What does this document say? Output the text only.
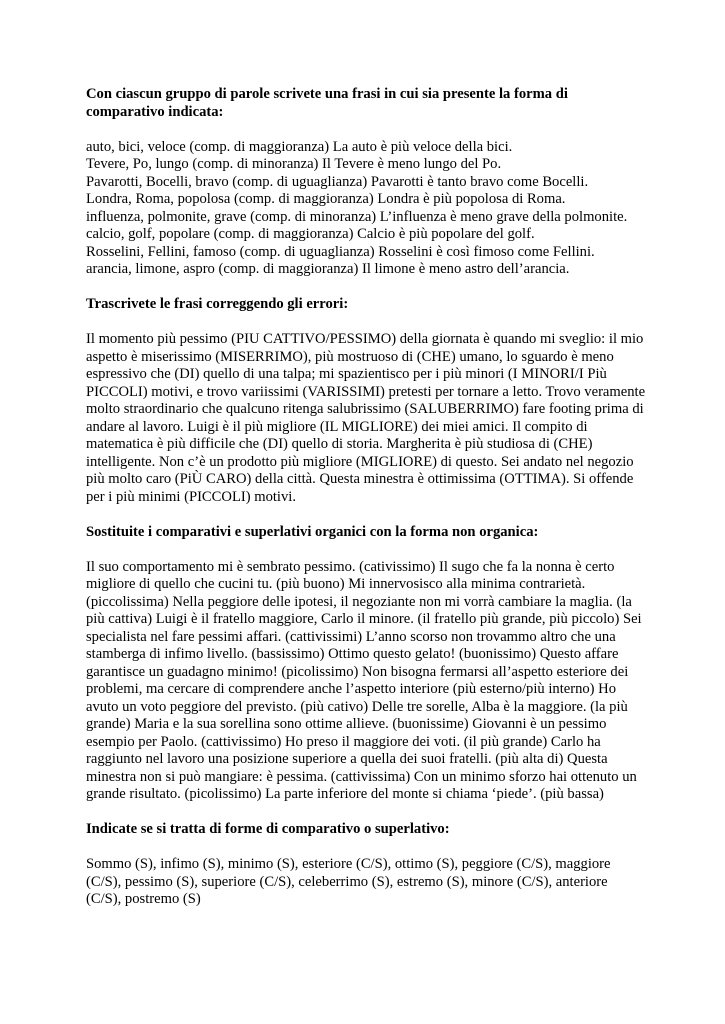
Con ciascun gruppo di parole scrivete una frasi in cui sia presente la forma di comparativo indicata:

auto, bici, veloce (comp. di maggioranza) La auto è più veloce della bici.
Tevere, Po, lungo (comp. di minoranza) Il Tevere è meno lungo del Po.
Pavarotti, Bocelli, bravo (comp. di uguaglianza) Pavarotti è tanto bravo come Bocelli.
Londra, Roma, popolosa (comp. di maggioranza) Londra è più popolosa di Roma.
influenza, polmonite, grave (comp. di minoranza) L’influenza è meno grave della polmonite.
calcio, golf, popolare (comp. di maggioranza) Calcio è più popolare del golf.
Rosselini, Fellini, famoso (comp. di uguaglianza) Rosselini è così fimoso come Fellini.
arancia, limone, aspro (comp. di maggioranza) Il limone è meno astro dell’arancia.

Trascrivete le frasi correggendo gli errori:

Il momento più pessimo (PIU CATTIVO/PESSIMO) della giornata è quando mi sveglio: il mio aspetto è miserissimo (MISERRIMO), più mostruoso di (CHE) umano, lo sguardo è meno espressivo che (DI) quello di una talpa; mi spazientisco per i più minori (I MINORI/I Più PICCOLI) motivi, e trovo variissimi (VARISSIMI) pretesti per tornare a letto. Trovo veramente molto straordinario che qualcuno ritenga salubrissimo (SALUBERRIMO) fare footing prima di andare al lavoro. Luigi è il più migliore (IL MIGLIORE) dei miei amici. Il compito di matematica è più difficile che (DI) quello di storia. Margherita è più studiosa di (CHE) intelligente. Non c’è un prodotto più migliore (MIGLIORE) di questo. Sei andato nel negozio più molto caro (PiÙ CARO) della città. Questa minestra è ottimissima (OTTIMA). Si offende per i più minimi (PICCOLI) motivi.

Sostituite i comparativi e superlativi organici con la forma non organica:

Il suo comportamento mi è sembrato pessimo. (cativissimo) Il sugo che fa la nonna è certo migliore di quello che cucini tu. (più buono) Mi innervosisco alla minima contrarietà. (piccolissima) Nella peggiore delle ipotesi, il negoziante non mi vorrà cambiare la maglia. (la più cattiva) Luigi è il fratello maggiore, Carlo il minore. (il fratello più grande, più piccolo) Sei specialista nel fare pessimi affari. (cattivissimi) L’anno scorso non trovammo altro che una stamberga di infimo livello. (bassissimo) Ottimo questo gelato! (buonissimo) Questo affare garantisce un guadagno minimo! (picolissimo) Non bisogna fermarsi all’aspetto esteriore dei problemi, ma cercare di comprendere anche l’aspetto interiore (più esterno/più interno) Ho avuto un voto peggiore del previsto. (più cativo) Delle tre sorelle, Alba è la maggiore. (la più grande) Maria e la sua sorellina sono ottime allieve. (buonissime) Giovanni è un pessimo esempio per Paolo. (cattivissimo) Ho preso il maggiore dei voti. (il più grande) Carlo ha raggiunto nel lavoro una posizione superiore a quella dei suoi fratelli. (più alta di) Questa minestra non si può mangiare: è pessima. (cattivissima) Con un minimo sforzo hai ottenuto un grande risultato. (picolissimo) La parte inferiore del monte si chiama ‘piede’. (più bassa)

Indicate se si tratta di forme di comparativo o superlativo:

Sommo (S), infimo (S), minimo (S), esteriore (C/S), ottimo (S), peggiore (C/S), maggiore (C/S), pessimo (S), superiore (C/S), celeberrimo (S), estremo (S), minore (C/S), anteriore (C/S), postremo (S)
